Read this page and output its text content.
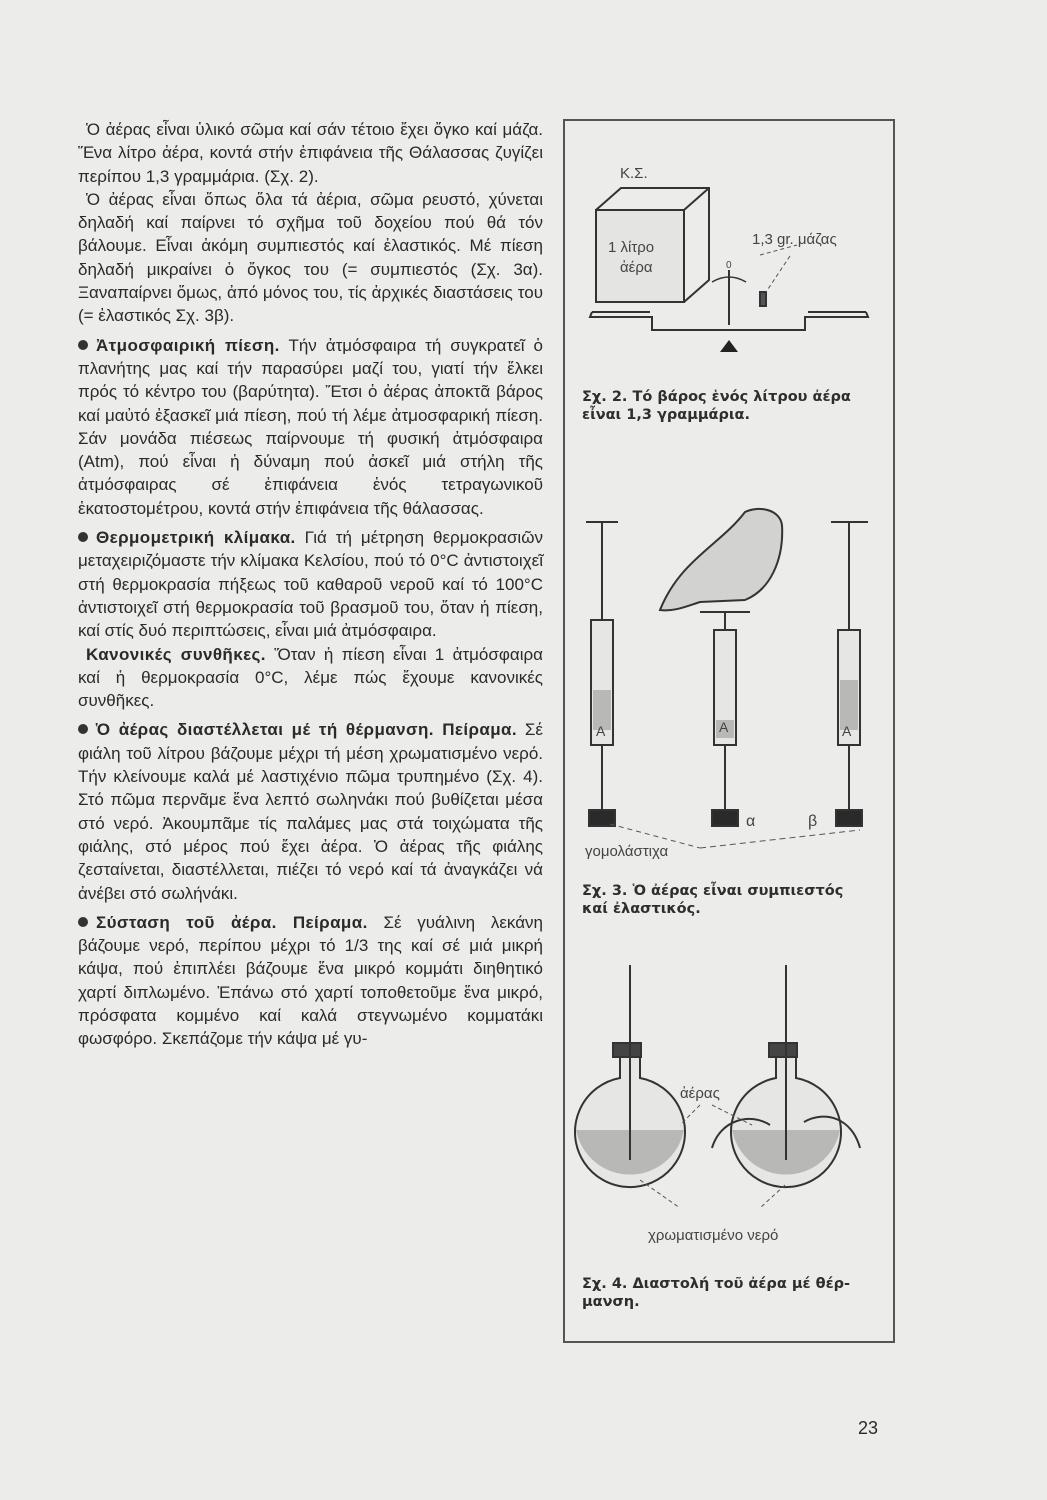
Ὁ ἀέρας εἶναι ὑλικό σῶμα καί σάν τέτοιο ἔχει ὄγκο καί μάζα. Ἕνα λίτρο ἀέρα, κοντά στήν ἐπιφάνεια τῆς Θάλασσας ζυγίζει περίπου 1,3 γραμμάρια. (Σχ. 2).

Ὁ ἀέρας εἶναι ὅπως ὅλα τά ἀέρια, σῶμα ρευστό, χύνεται δηλαδή καί παίρνει τό σχῆμα τοῦ δοχείου πού θά τόν βάλουμε. Εἶναι ἀκόμη συμπιεστός καί ἐλαστικός. Μέ πίεση δηλαδή μικραίνει ὁ ὄγκος του (= συμπιεστός (Σχ. 3α). Ξαναπαίρνει ὅμως, ἀπό μόνος του, τίς ἀρχικές διαστάσεις του (= ἐλαστικός Σχ. 3β).

Ἀτμοσφαιρική πίεση. Τήν ἀτμόσφαιρα τή συγκρατεῖ ὁ πλανήτης μας καί τήν παρασύρει μαζί του, γιατί τήν ἕλκει πρός τό κέντρο του (βαρύτητα). Ἔτσι ὁ ἀέρας ἀποκτᾶ βάρος καί μαὐτό ἐξασκεῖ μιά πίεση, πού τή λέμε ἀτμοσφαρική πίεση. Σάν μονάδα πιέσεως παίρνουμε τή φυσική ἀτμόσφαιρα (Atm), πού εἶναι ἡ δύναμη πού ἀσκεῖ μιά στήλη τῆς ἀτμόσφαιρας σέ ἐπιφάνεια ἑνός τετραγωνικοῦ ἑκατοστομέτρου, κοντά στήν ἐπιφάνεια τῆς θάλασσας.

Θερμομετρική κλίμακα. Γιά τή μέτρηση θερμοκρασιῶν μεταχειριζόμαστε τήν κλίμακα Κελσίου, πού τό 0°C ἀντιστοιχεῖ στή θερμοκρασία πήξεως τοῦ καθαροῦ νεροῦ καί τό 100°C ἀντιστοιχεῖ στή θερμοκρασία τοῦ βρασμοῦ του, ὅταν ἡ πίεση, καί στίς δυό περιπτώσεις, εἶναι μιά ἀτμόσφαιρα.

Κανονικές συνθῆκες. Ὅταν ἡ πίεση εἶναι 1 ἀτμόσφαιρα καί ἡ θερμοκρασία 0°C, λέμε πώς ἔχουμε κανονικές συνθῆκες.

Ὁ ἀέρας διαστέλλεται μέ τή θέρμανση. Πείραμα. Σέ φιάλη τοῦ λίτρου βάζουμε μέχρι τή μέση χρωματισμένο νερό. Τήν κλείνουμε καλά μέ λαστιχένιο πῶμα τρυπημένο (Σχ. 4). Στό πῶμα περνᾶμε ἕνα λεπτό σωληνάκι πού βυθίζεται μέσα στό νερό. Ἀκουμπᾶμε τίς παλάμες μας στά τοιχώματα τῆς φιάλης, στό μέρος πού ἔχει ἀέρα. Ὁ ἀέρας τῆς φιάλης ζεσταίνεται, διαστέλλεται, πιέζει τό νερό καί τά ἀναγκάζει νά ἀνέβει στό σωλήνάκι.

Σύσταση τοῦ ἀέρα. Πείραμα. Σέ γυάλινη λεκάνη βάζουμε νερό, περίπου μέχρι τό 1/3 της καί σέ μιά μικρή κάψα, πού ἐπιπλέει βάζουμε ἕνα μικρό κομμάτι διηθητικό χαρτί διπλωμένο. Ἐπάνω στό χαρτί τοποθετοῦμε ἕνα μικρό, πρόσφατα κομμένο καί καλά στεγνωμένο κομματάκι φωσφόρο. Σκεπάζομε τήν κάψα μέ γυ-

Κ.Σ.
1 λίτρο
ἀέρα
1,3 gr. μάζας
0
A	A	A
α	β
γομολάστιχα
ἀέρας
χρωματισμένο νερό
Σχ. 2. Τό βάρος ἑνός λίτρου ἀέρα
εἶναι 1,3 γραμμάρια.
Σχ. 3. Ὁ ἀέρας εἶναι συμπιεστός
καί ἐλαστικός.
Σχ. 4. Διαστολή τοῦ ἀέρα μέ θέρ-
μανση.
23
